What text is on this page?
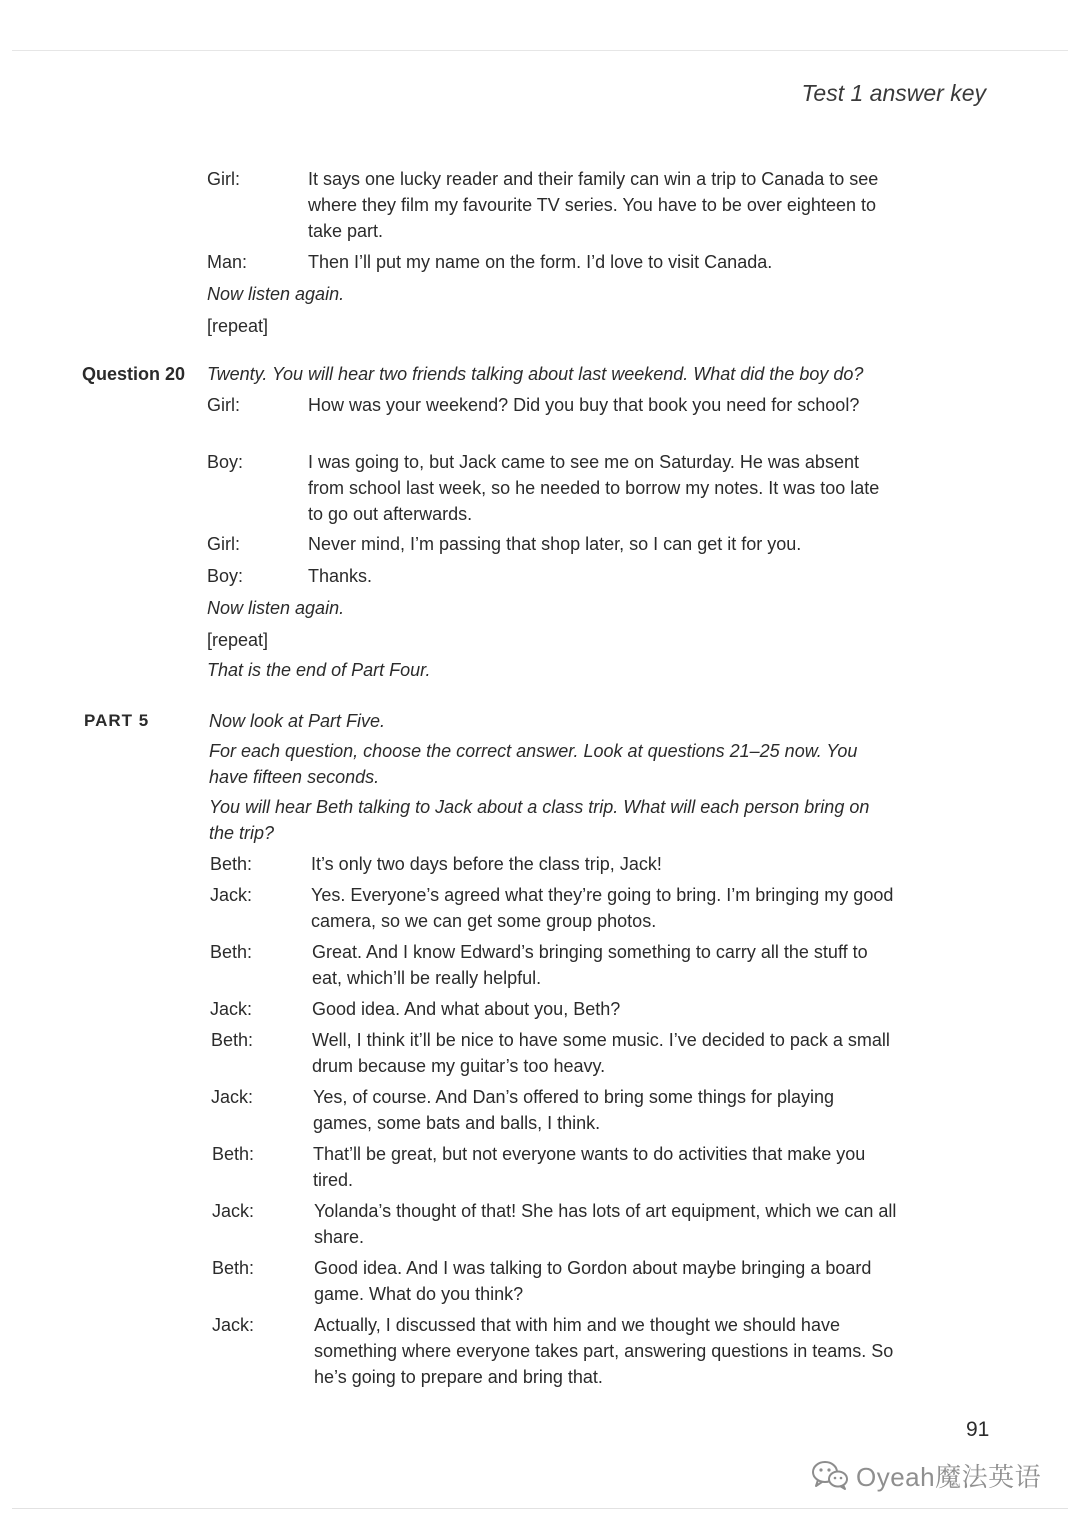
Test 1 answer key
Girl:	It says one lucky reader and their family can win a trip to Canada to see where they film my favourite TV series. You have to be over eighteen to take part.
Man:	Then I’ll put my name on the form. I’d love to visit Canada.
Now listen again.
[repeat]
Question 20 Twenty. You will hear two friends talking about last weekend. What did the boy do?
Girl:	How was your weekend? Did you buy that book you need for school?
Boy:	I was going to, but Jack came to see me on Saturday. He was absent from school last week, so he needed to borrow my notes. It was too late to go out afterwards.
Girl:	Never mind, I’m passing that shop later, so I can get it for you.
Boy:	Thanks.
Now listen again.
[repeat]
That is the end of Part Four.
PART 5	Now look at Part Five.
For each question, choose the correct answer. Look at questions 21–25 now. You have fifteen seconds.
You will hear Beth talking to Jack about a class trip. What will each person bring on the trip?
Beth:	It’s only two days before the class trip, Jack!
Jack:	Yes. Everyone’s agreed what they’re going to bring. I’m bringing my good camera, so we can get some group photos.
Beth:	Great. And I know Edward’s bringing something to carry all the stuff to eat, which’ll be really helpful.
Jack:	Good idea. And what about you, Beth?
Beth:	Well, I think it’ll be nice to have some music. I’ve decided to pack a small drum because my guitar’s too heavy.
Jack:	Yes, of course. And Dan’s offered to bring some things for playing games, some bats and balls, I think.
Beth:	That’ll be great, but not everyone wants to do activities that make you tired.
Jack:	Yolanda’s thought of that! She has lots of art equipment, which we can all share.
Beth:	Good idea. And I was talking to Gordon about maybe bringing a board game. What do you think?
Jack:	Actually, I discussed that with him and we thought we should have something where everyone takes part, answering questions in teams. So he’s going to prepare and bring that.
91
Oyeah魔法英语
